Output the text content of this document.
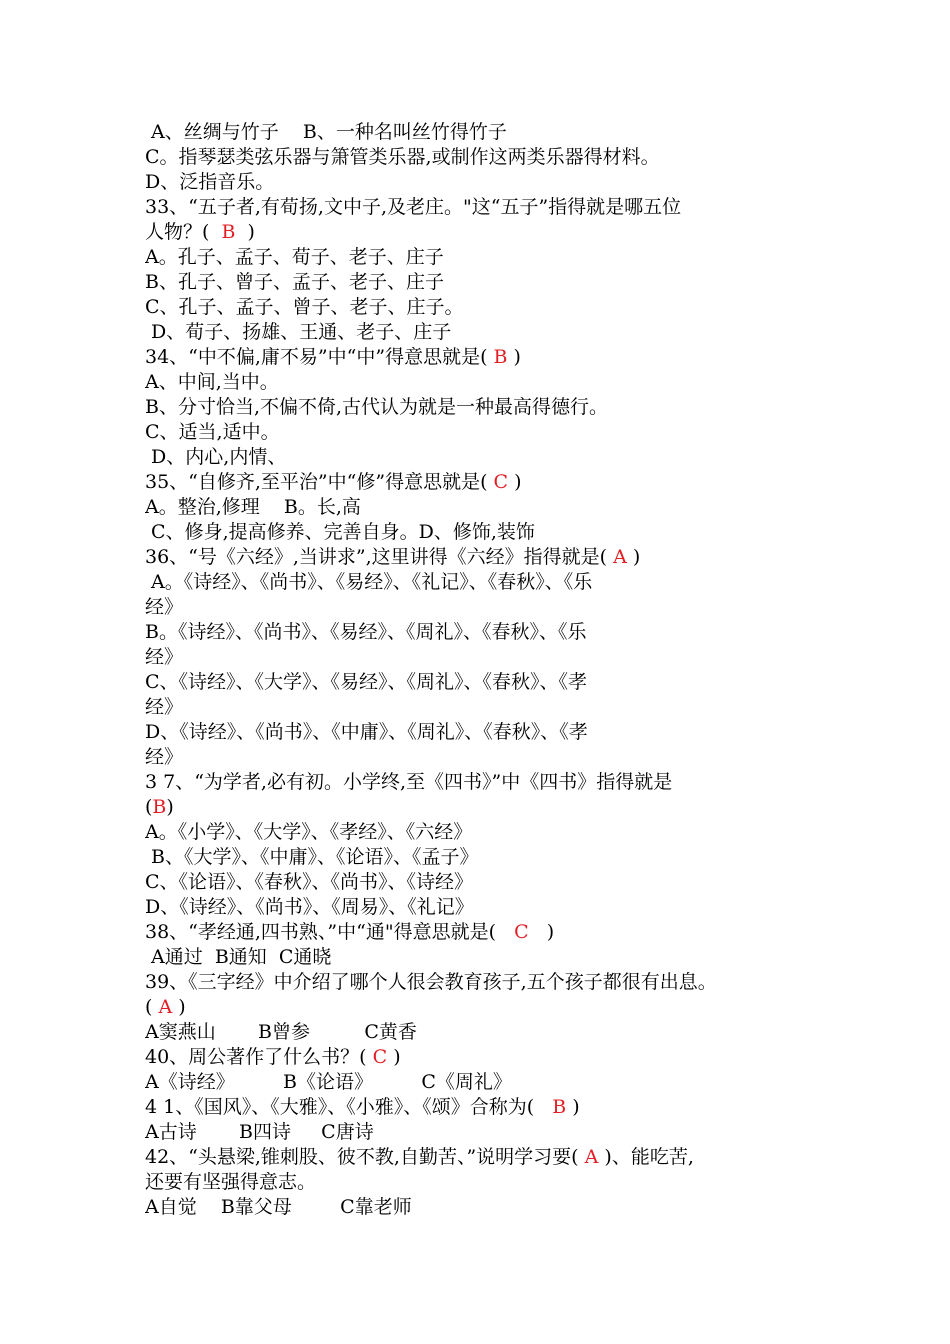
A、丝绸与竹子    B、一种名叫丝竹得竹子
C。指琴瑟类弦乐器与箫管类乐器,或制作这两类乐器得材料。
D、泛指音乐。
33、“五子者,有荀扬,文中子,及老庄。"这“五子”指得就是哪五位
人物？(  B  )
A。孔子、孟子、荀子、老子、庄子
B、孔子、曾子、孟子、老子、庄子
C、孔子、孟子、曾子、老子、庄子。
D、荀子、扬雄、王通、老子、庄子
34、“中不偏,庸不易”中“中”得意思就是( B )
A、中间,当中。
B、分寸恰当,不偏不倚,古代认为就是一种最高得德行。
C、适当,适中。
D、内心,内情、
35、“自修齐,至平治”中“修”得意思就是( C )
A。整治,修理    B。长,高
C、修身,提高修养、完善自身。D、修饰,装饰
36、“号《六经》,当讲求”,这里讲得《六经》指得就是( A )
A。《诗经》、《尚书》、《易经》、《礼记》、《春秋》、《乐
经》
B。《诗经》、《尚书》、《易经》、《周礼》、《春秋》、《乐
经》
C、《诗经》、《大学》、《易经》、《周礼》、《春秋》、《孝
经》
D、《诗经》、《尚书》、《中庸》、《周礼》、《春秋》、《孝
经》
3 7、“为学者,必有初。小学终,至《四书》”中《四书》指得就是
(B)
A。《小学》、《大学》、《孝经》、《六经》
B、《大学》、《中庸》、《论语》、《孟子》
C、《论语》、《春秋》、《尚书》、《诗经》
D、《诗经》、《尚书》、《周易》、《礼记》
38、“孝经通,四书熟、”中“通"得意思就是(   C   )
A通过  B通知  C通晓
39、《三字经》中介绍了哪个人很会教育孩子,五个孩子都很有出息。
( A )
A窦燕山       B曾参         C黄香
40、周公著作了什么书？( C )
A《诗经》        B《论语》        C《周礼》
4 1、《国风》、《大雅》、《小雅》、《颂》合称为(   B )
A古诗       B四诗     C唐诗
42、“头悬梁,锥刺股、彼不教,自勤苦、”说明学习要( A )、能吃苦,
还要有坚强得意志。
A自觉    B靠父母        C靠老师
